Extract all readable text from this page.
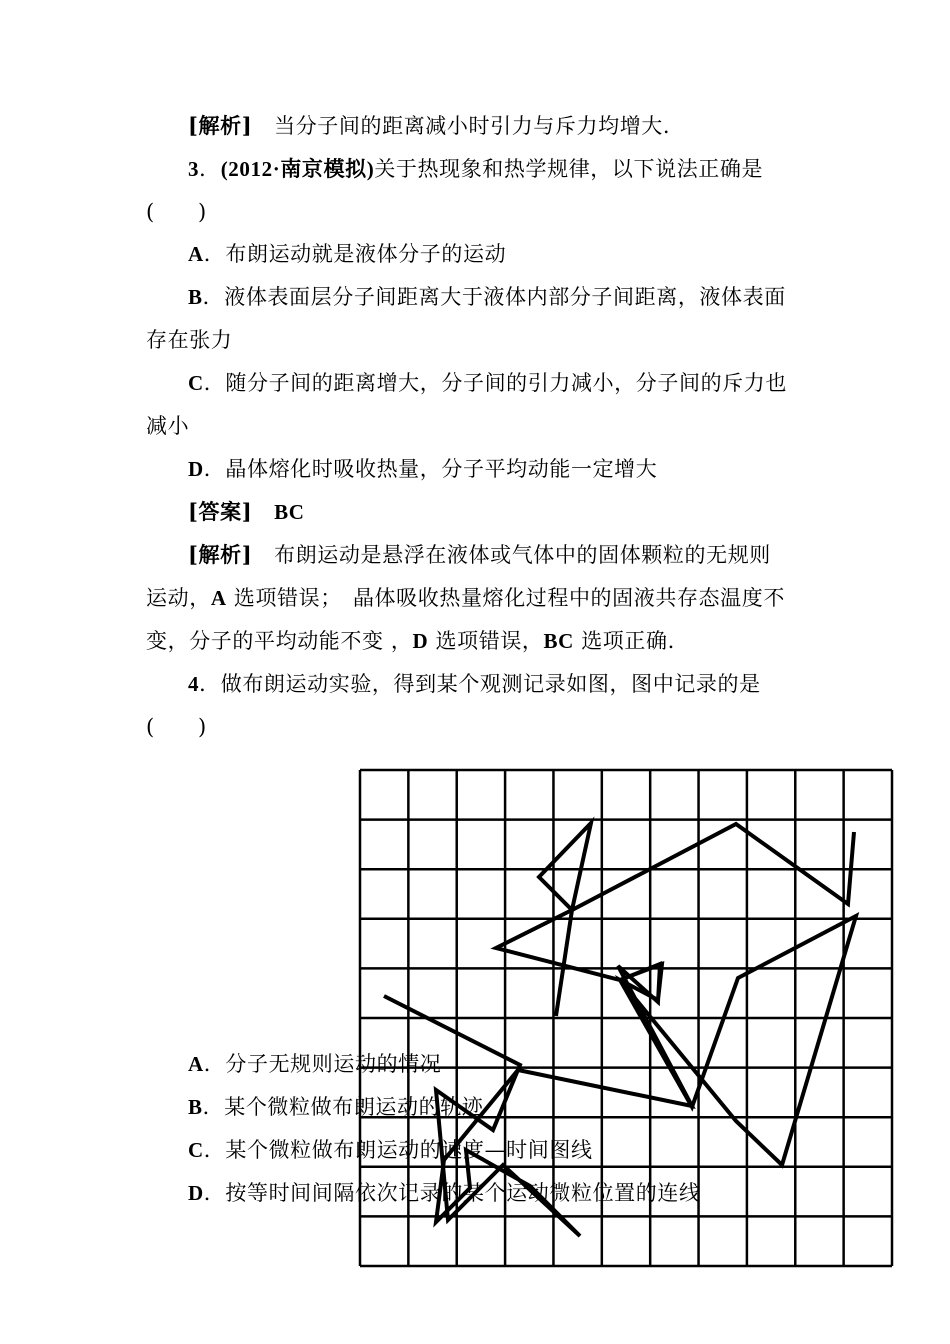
[解析] 当分子间的距离减小时引力与斥力均增大.
3．(2012·南京模拟)关于热现象和热学规律，以下说法正确是
(　　)
A．布朗运动就是液体分子的运动
B．液体表面层分子间距离大于液体内部分子间距离，液体表面
存在张力
C．随分子间的距离增大，分子间的引力减小，分子间的斥力也
减小
D．晶体熔化时吸收热量，分子平均动能一定增大
[答案] BC
[解析] 布朗运动是悬浮在液体或气体中的固体颗粒的无规则
运动，A 选项错误；　晶体吸收热量熔化过程中的固液共存态温度不
变，分子的平均动能不变 ，D 选项错误，BC 选项正确.
4．做布朗运动实验，得到某个观测记录如图，图中记录的是
(　　)
A．分子无规则运动的情况
B．某个微粒做布朗运动的轨迹
C．某个微粒做布朗运动的速度—时间图线
D．按等时间间隔依次记录的某个运动微粒位置的连线
